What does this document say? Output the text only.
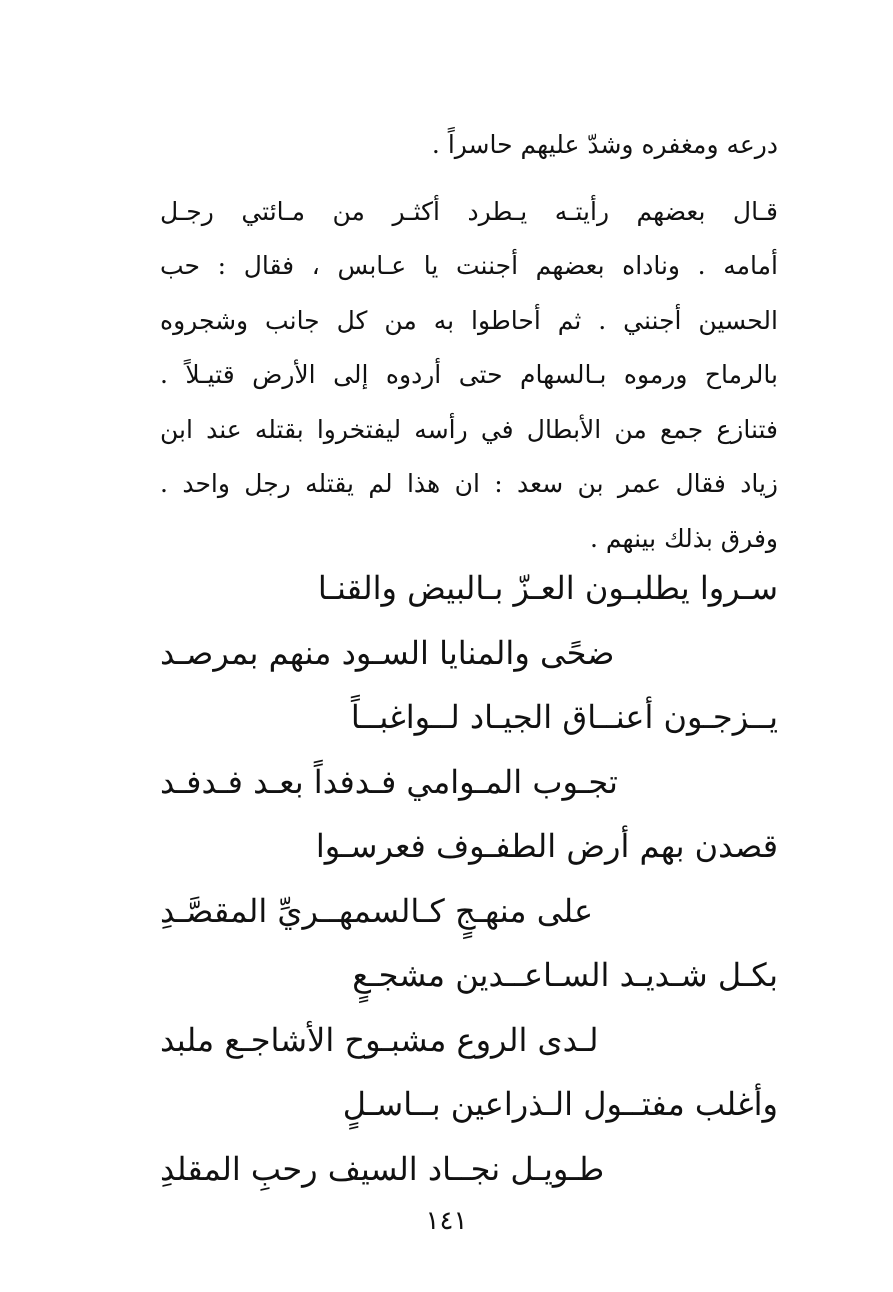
درعه ومغفره وشدّ عليهم حاسراً .
قـال بعضهم رأيتـه يـطرد أكثـر من مـائتي رجـل
أمامه . وناداه بعضهم أجننت يا عـابس ، فقال : حب
الحسين أجنني . ثم أحاطوا به من كل جانب وشجروه
بالرماح ورموه بـالسهام حتى أردوه إلى الأرض قتيـلاً .
فتنازع جمع من الأبطال في رأسه ليفتخروا بقتله عند ابن
زياد فقال عمر بن سعد : ان هذا لم يقتله رجل واحد .
وفرق بذلك بينهم .
سـروا يطلبـون العـزّ بـالبيض والقنـا
ضحًى والمنايا السـود منهم بمرصـد
يــزجـون أعنــاق الجيـاد لــواغبــاً
تجـوب المـوامي فـدفداً بعـد فـدفـد
قصدن بهم أرض الطفـوف فعرسـوا
على منهـجٍ كـالسمهــريِّ المقصَّـدِ
بكـل شـديـد السـاعــدين مشجـعٍ
لـدى الروع مشبـوح الأشاجـع ملبد
وأغلب مفتــول الـذراعين بــاسـلٍ
طـويـل نجــاد السيف رحبِ المقلدِ
١٤١
